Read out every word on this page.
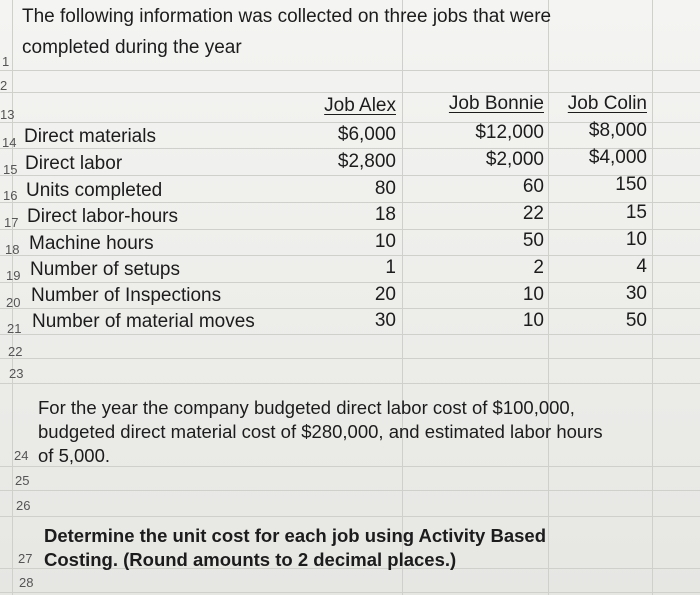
The following information was collected on three jobs that were
completed during the year
1
2
13
14
15
16
17
18
19
20
21
22
23
24
25
26
27
28
Job Alex	Job Bonnie	Job Colin
Direct materials	$6,000	$12,000	$8,000
Direct labor	$2,800	$2,000	$4,000
Units completed	80	60	150
Direct labor-hours	18	22	15
Machine hours	10	50	10
Number of setups	1	2	4
Number of Inspections	20	10	30
Number of material moves	30	10	50
For the year the company budgeted direct labor cost of $100,000,
budgeted direct material cost of $280,000, and estimated labor hours
of 5,000.
Determine the unit cost for each job using Activity Based
Costing. (Round amounts to 2 decimal places.)
